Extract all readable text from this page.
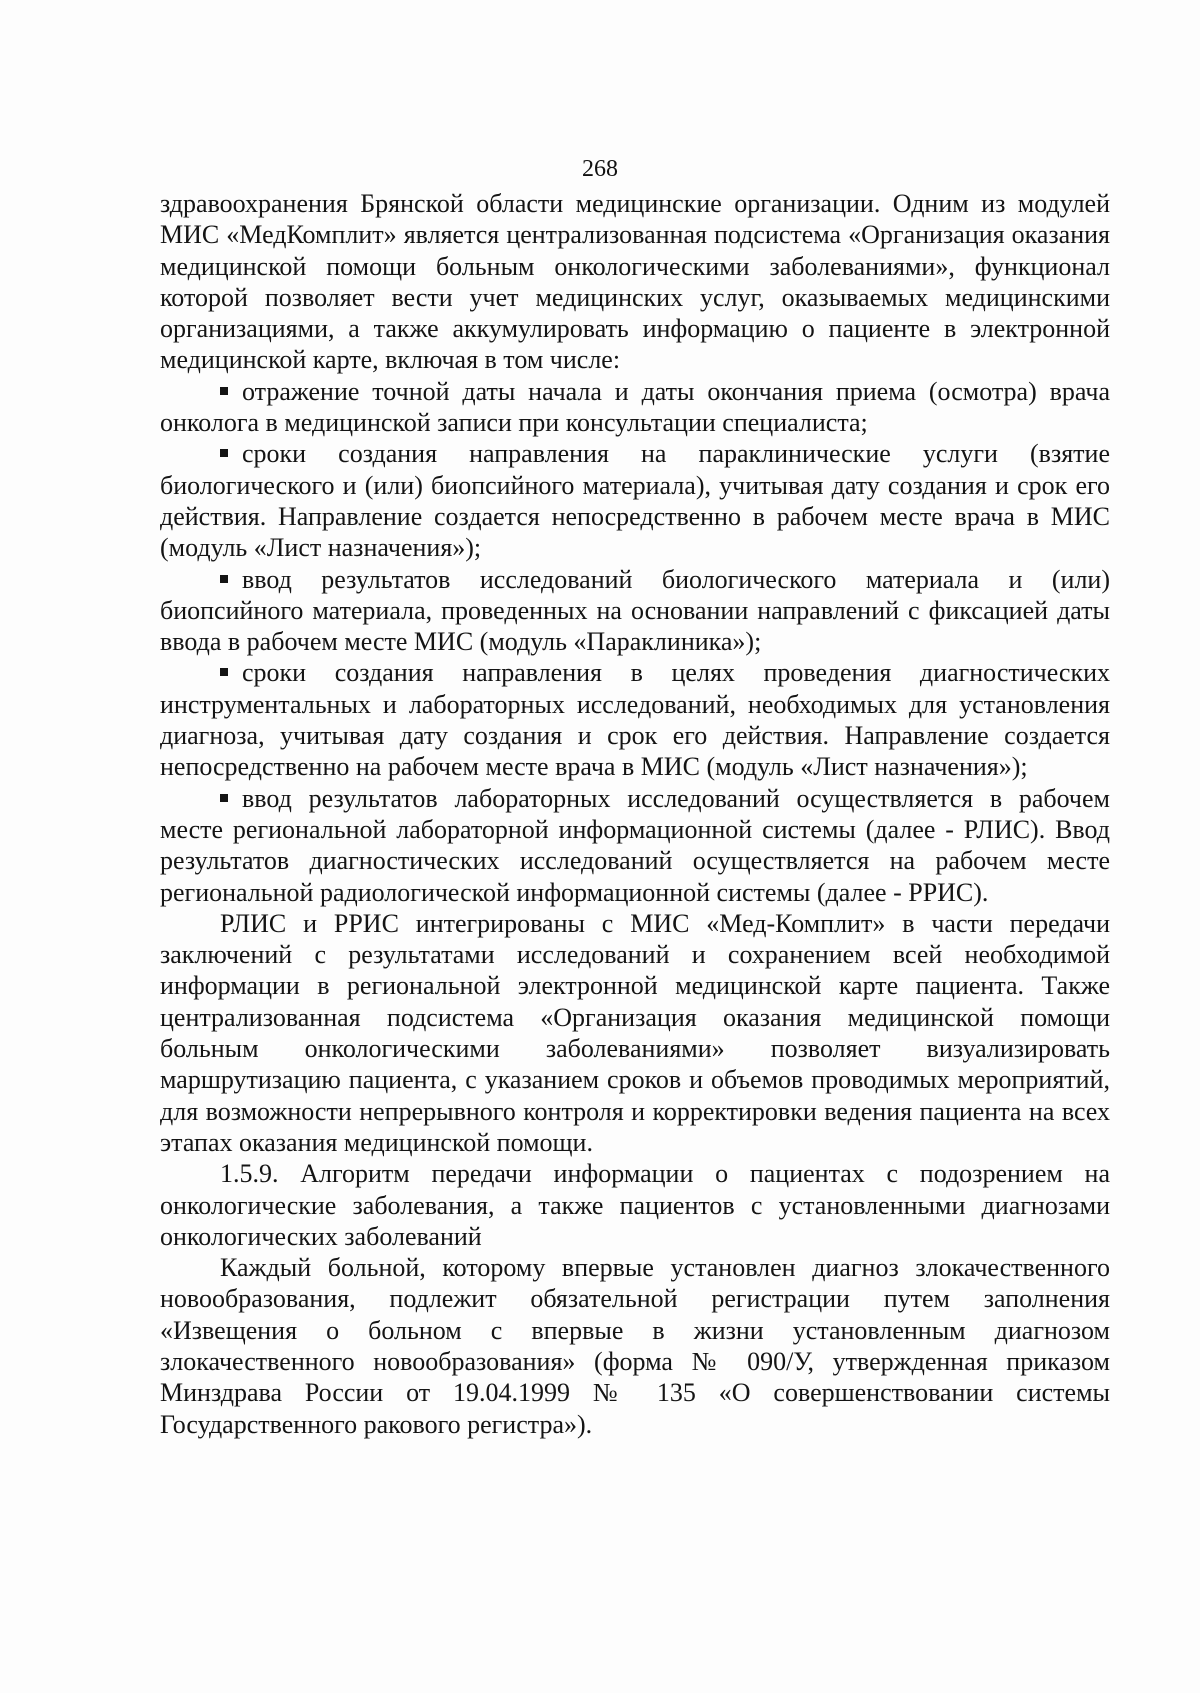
268

здравоохранения Брянской области медицинские организации. Одним из модулей МИС «МедКомплит» является централизованная подсистема «Организация оказания медицинской помощи больным онкологическими заболеваниями», функционал которой позволяет вести учет медицинских услуг, оказываемых медицинскими организациями, а также аккумулировать информацию о пациенте в электронной медицинской карте, включая в том числе:

отражение точной даты начала и даты окончания приема (осмотра) врача онколога в медицинской записи при консультации специалиста;

сроки создания направления на параклинические услуги (взятие биологического и (или) биопсийного материала), учитывая дату создания и срок его действия. Направление создается непосредственно в рабочем месте врача в МИС (модуль «Лист назначения»);

ввод результатов исследований биологического материала и (или) биопсийного материала, проведенных на основании направлений с фиксацией даты ввода в рабочем месте МИС (модуль «Параклиника»);

сроки создания направления в целях проведения диагностических инструментальных и лабораторных исследований, необходимых для установления диагноза, учитывая дату создания и срок его действия. Направление создается непосредственно на рабочем месте врача в МИС (модуль «Лист назначения»);

ввод результатов лабораторных исследований осуществляется в рабочем месте региональной лабораторной информационной системы (далее - РЛИС). Ввод результатов диагностических исследований осуществляется на рабочем месте региональной радиологической информационной системы (далее - РРИС).

РЛИС и РРИС интегрированы с МИС «Мед-Комплит» в части передачи заключений с результатами исследований и сохранением всей необходимой информации в региональной электронной медицинской карте пациента. Также централизованная подсистема «Организация оказания медицинской помощи больным онкологическими заболеваниями» позволяет визуализировать маршрутизацию пациента, с указанием сроков и объемов проводимых мероприятий, для возможности непрерывного контроля и корректировки ведения пациента на всех этапах оказания медицинской помощи.

1.5.9. Алгоритм передачи информации о пациентах с подозрением на онкологические заболевания, а также пациентов с установленными диагнозами онкологических заболеваний

Каждый больной, которому впервые установлен диагноз злокачественного новообразования, подлежит обязательной регистрации путем заполнения «Извещения о больном с впервые в жизни установленным диагнозом злокачественного новообразования» (форма № 090/У, утвержденная приказом Минздрава России от 19.04.1999 № 135 «О совершенствовании системы Государственного ракового регистра»).
